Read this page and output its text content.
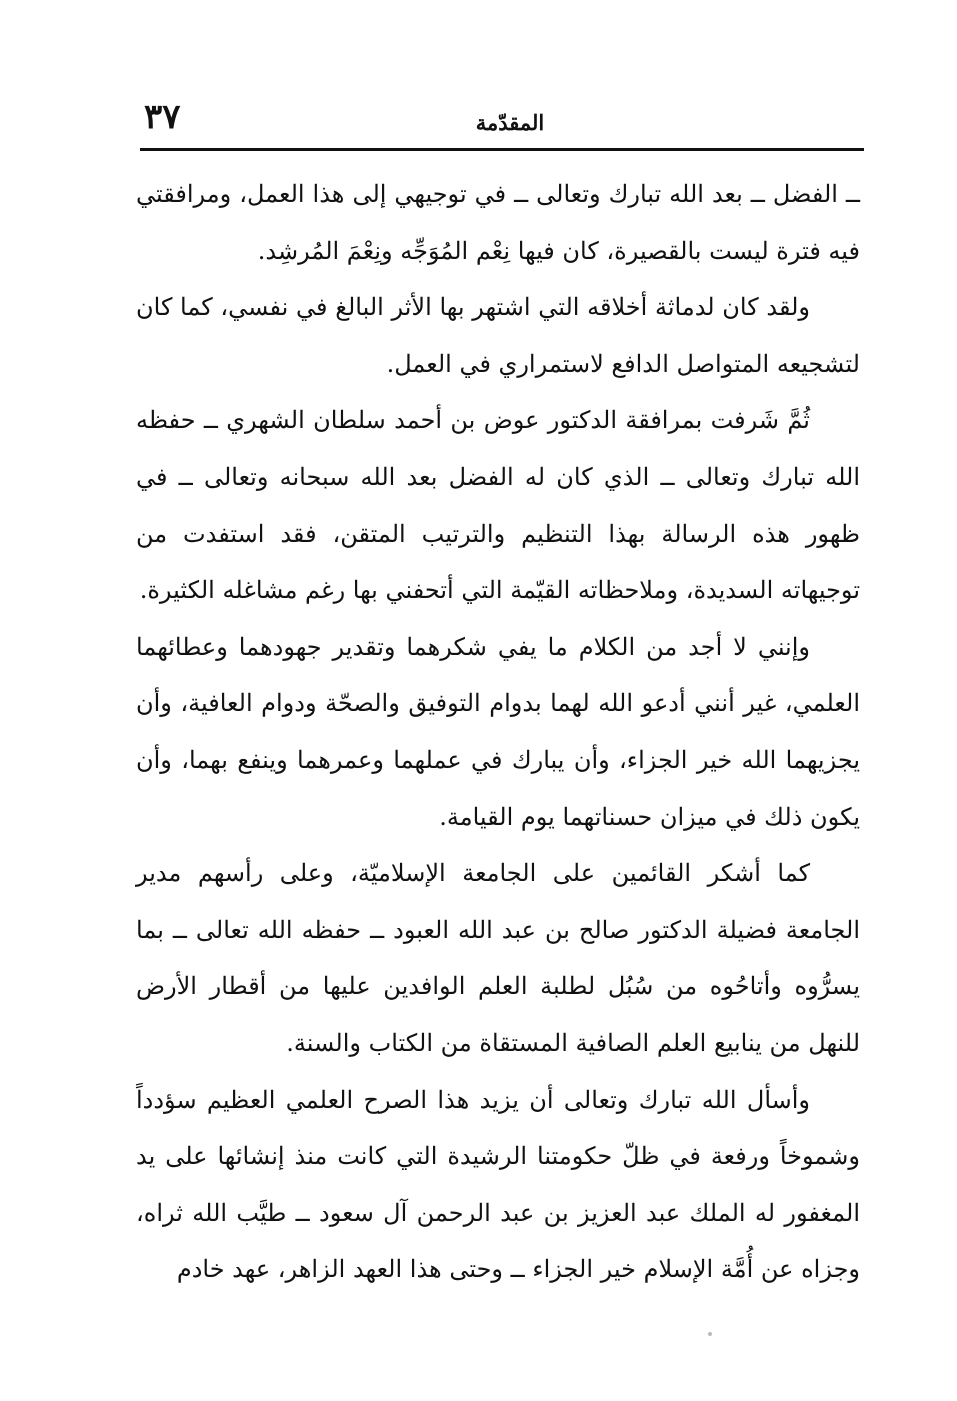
٣٧	المقدّمة

ــ الفضل ــ بعد الله تبارك وتعالى ــ في توجيهي إلى هذا العمل، ومرافقتي فيه فترة ليست بالقصيرة، كان فيها نِعْم المُوَجِّه ونِعْمَ المُرشِد.

ولقد كان لدماثة أخلاقه التي اشتهر بها الأثر البالغ في نفسي، كما كان لتشجيعه المتواصل الدافع لاستمراري في العمل.

ثُمَّ شَرفت بمرافقة الدكتور عوض بن أحمد سلطان الشهري ــ حفظه الله تبارك وتعالى ــ الذي كان له الفضل بعد الله سبحانه وتعالى ــ في ظهور هذه الرسالة بهذا التنظيم والترتيب المتقن، فقد استفدت من توجيهاته السديدة، وملاحظاته القيّمة التي أتحفني بها رغم مشاغله الكثيرة.

وإنني لا أجد من الكلام ما يفي شكرهما وتقدير جهودهما وعطائهما العلمي، غير أنني أدعو الله لهما بدوام التوفيق والصحّة ودوام العافية، وأن يجزيهما الله خير الجزاء، وأن يبارك في عملهما وعمرهما وينفع بهما، وأن يكون ذلك في ميزان حسناتهما يوم القيامة.

كما أشكر القائمين على الجامعة الإسلاميّة، وعلى رأسهم مدير الجامعة فضيلة الدكتور صالح بن عبد الله العبود ــ حفظه الله تعالى ــ بما يسرُّوه وأتاحُوه من سُبُل لطلبة العلم الوافدين عليها من أقطار الأرض للنهل من ينابيع العلم الصافية المستقاة من الكتاب والسنة.

وأسأل الله تبارك وتعالى أن يزيد هذا الصرح العلمي العظيم سؤدداً وشموخاً ورفعة في ظلّ حكومتنا الرشيدة التي كانت منذ إنشائها على يد المغفور له الملك عبد العزيز بن عبد الرحمن آل سعود ــ طيَّب الله ثراه، وجزاه عن أُمَّة الإسلام خير الجزاء ــ وحتى هذا العهد الزاهر، عهد خادم
